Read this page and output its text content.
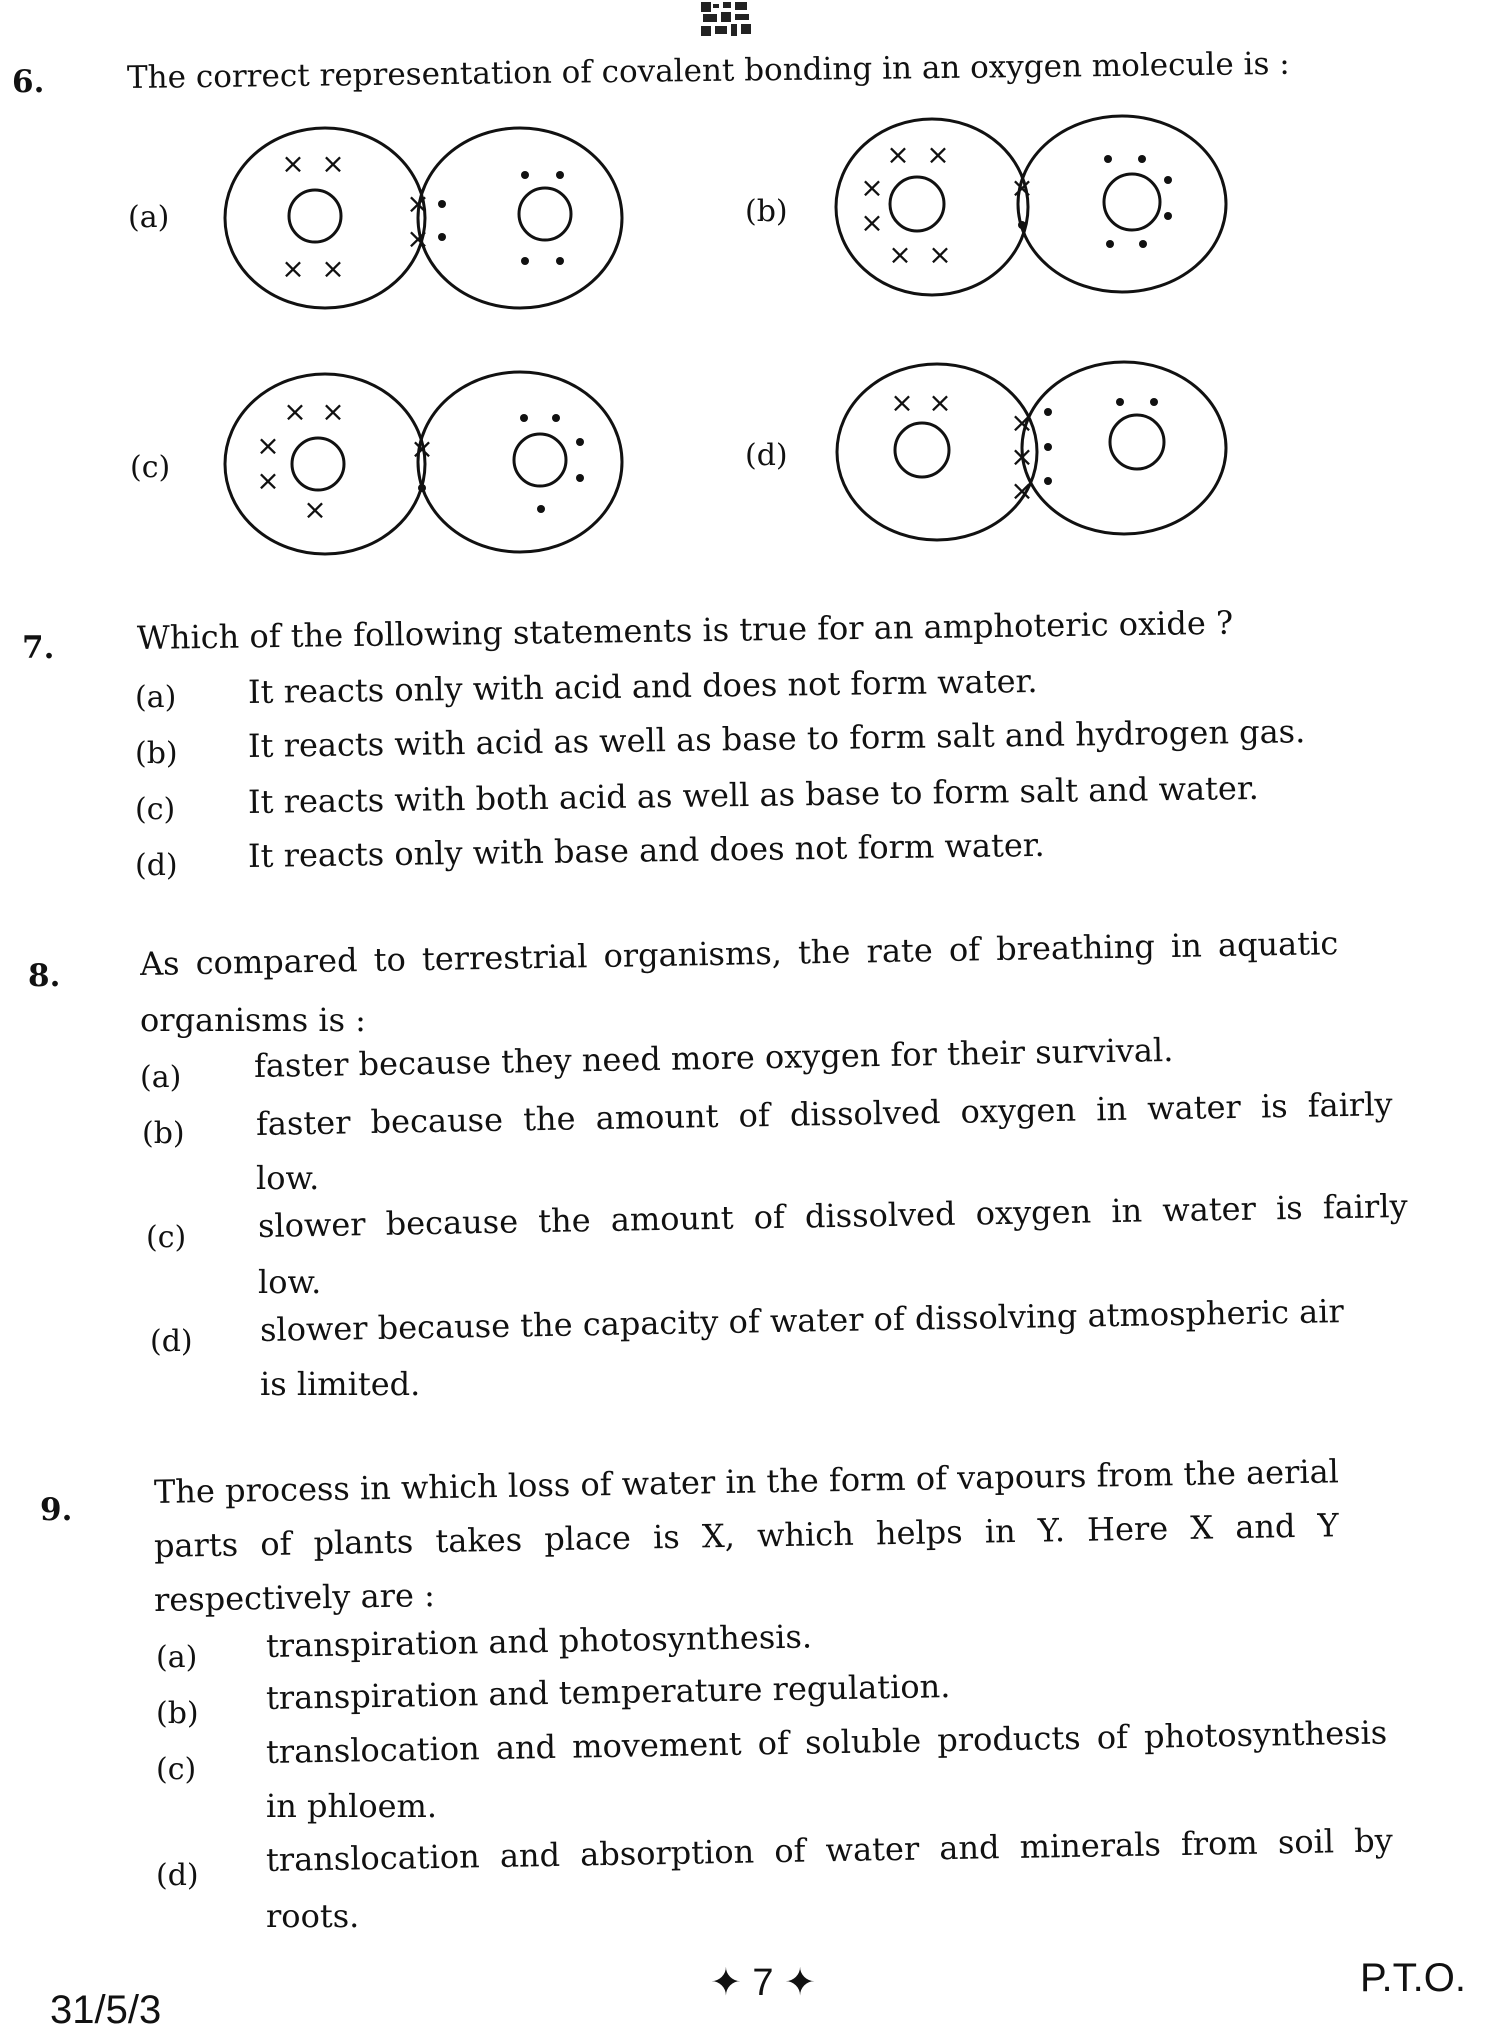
6.	The correct representation of covalent bonding in an oxygen molecule is :
(a)
× ×
× ×
×
×
(b)
× ×
×
×
× ×
×
(c)
× ×
×
×
×
×	(d)
× ×
×
×
×
7.	Which of the following statements is true for an amphoteric oxide ?
(a) It reacts only with acid and does not form water.
(b) It reacts with acid as well as base to form salt and hydrogen gas.
(c) It reacts with both acid as well as base to form salt and water.
(d) It reacts only with base and does not form water.
8. As compared to terrestrial organisms, the rate of breathing in aquatic
organisms is :
(a) faster because they need more oxygen for their survival.
(b) faster because the amount of dissolved oxygen in water is fairly
low.
(c) slower because the amount of dissolved oxygen in water is fairly
low.
(d) slower because the capacity of water of dissolving atmospheric air
is limited.
9.	The process in which loss of water in the form of vapours from the aerial
parts of plants takes place is X, which helps in Y. Here X and Y
respectively are :
(a) transpiration and photosynthesis.
(b) transpiration and temperature regulation.
(c) translocation and movement of soluble products of photosynthesis
in phloem.
(d) translocation and absorption of water and minerals from soil by
roots.
✦ 7 ✦	P.T.O.
31/5/3
